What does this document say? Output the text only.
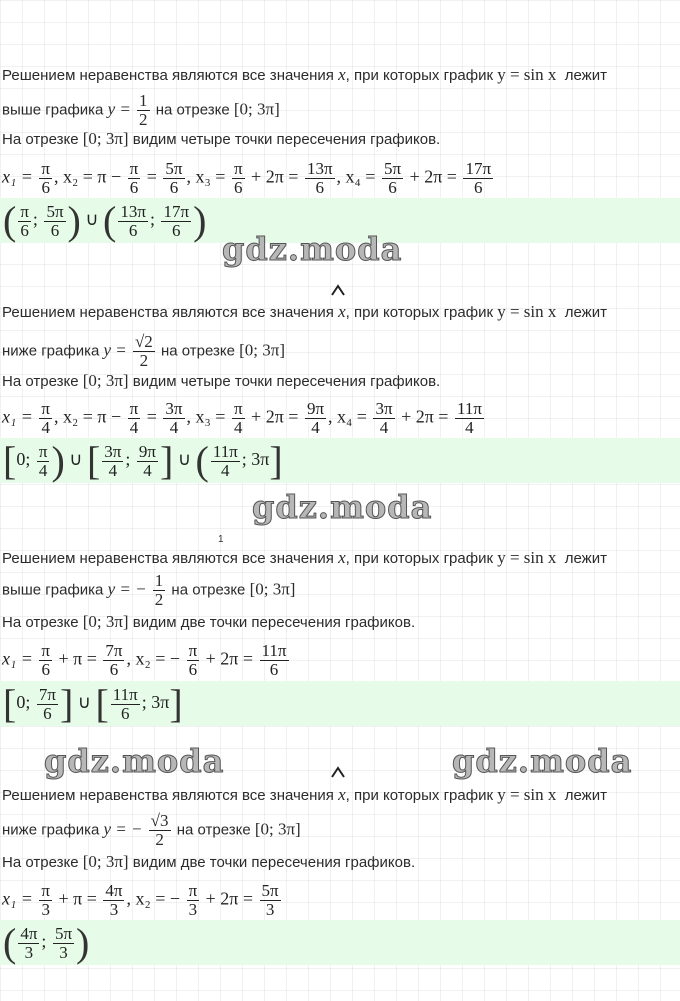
Решением неравенства являются все значения x, при которых график y = sin x лежит
выше графика $y = \frac{1}{2}$ на отрезке [0; 3π]
На отрезке [0; 3π] видим четыре точки пересечения графиков.
$x_1 = \frac{\pi}{6}$ , $x_2 = \pi - \frac{\pi}{6} = \frac{5\pi}{6}$ , $x_3 = \frac{\pi}{6} + 2\pi = \frac{13\pi}{6}$ , $x_4 = \frac{5\pi}{6} + 2\pi = \frac{17\pi}{6}$
( $\frac{\pi}{6}$ ; $\frac{5\pi}{6}$ ) ∪ ( $\frac{13\pi}{6}$ ; $\frac{17\pi}{6}$ )
gdz.moda
Решением неравенства являются все значения x, при которых график y = sin x лежит
ниже графика $y = \frac{√2}{2}$ на отрезке [0; 3π]
На отрезке [0; 3π] видим четыре точки пересечения графиков.
$x_1 = \frac{\pi}{4}$ , $x_2 = \pi - \frac{\pi}{4} = \frac{3\pi}{4}$ , $x_3 = \frac{\pi}{4} + 2\pi = \frac{9\pi}{4}$ , $x_4 = \frac{3\pi}{4} + 2\pi = \frac{11\pi}{4}$
[0; $\frac{\pi}{4}$ ) ∪ [ $\frac{3\pi}{4}$ ; $\frac{9\pi}{4}$ ] ∪ ( $\frac{11\pi}{4}$ ; 3π]
gdz.moda
1
Решением неравенства являются все значения x, при которых график y = sin x лежит
выше графика y = − $\frac{1}{2}$ на отрезке [0; 3π]
На отрезке [0; 3π] видим две точки пересечения графиков.
$x_1 = \frac{\pi}{6} + \pi = \frac{7\pi}{6}$ , x₂ = − $\frac{\pi}{6} + 2\pi = \frac{11\pi}{6}$
[0; $\frac{7\pi}{6}$ ] ∪ [ $\frac{11\pi}{6}$ ; 3π]
gdz.moda	gdz.moda
Решением неравенства являются все значения x, при которых график y = sin x лежит
ниже графика y = − $\frac{√3}{2}$ на отрезке [0; 3π]
На отрезке [0; 3π] видим две точки пересечения графиков.
$x_1 = \frac{\pi}{3} + \pi = \frac{4\pi}{3}$ , x₂ = − $\frac{\pi}{3} + 2\pi = \frac{5\pi}{3}$
( $\frac{4\pi}{3}$ ; $\frac{5\pi}{3}$ )
